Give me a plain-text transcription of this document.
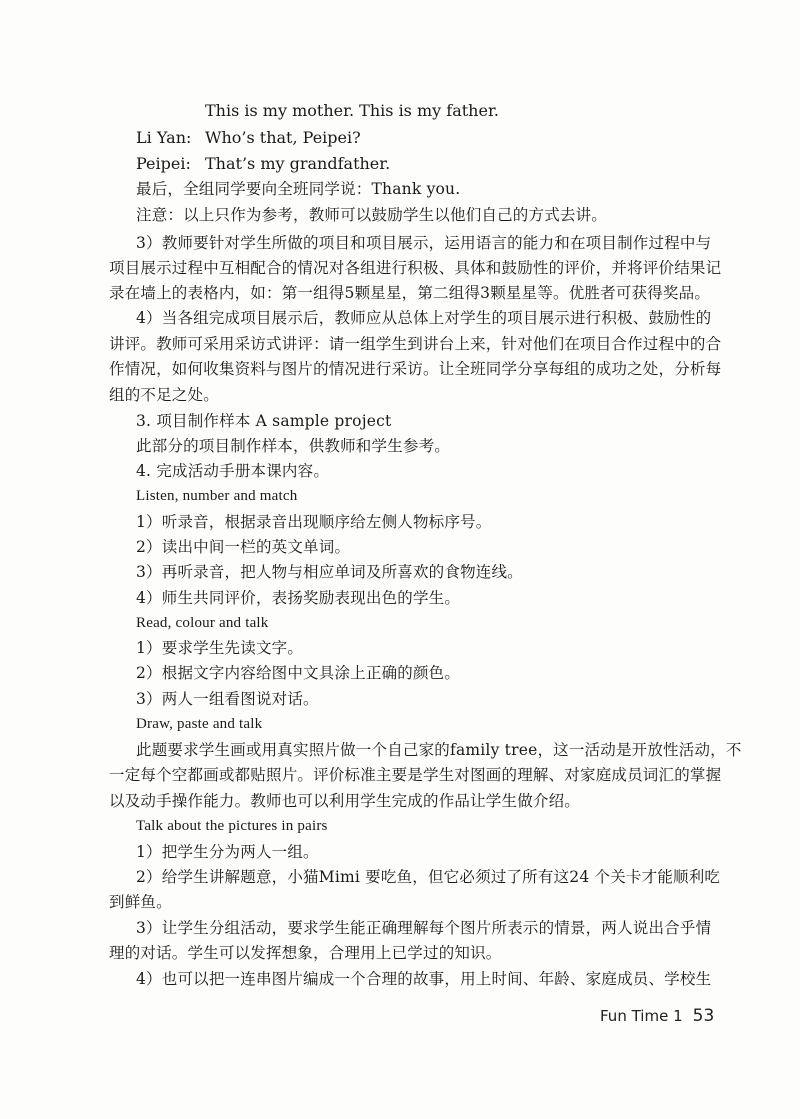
This is my mother. This is my father.
Li Yan: Who’s that, Peipei?
Peipei: That’s my grandfather.
最后，全组同学要向全班同学说：Thank you.
注意：以上只作为参考，教师可以鼓励学生以他们自己的方式去讲。
3）教师要针对学生所做的项目和项目展示，运用语言的能力和在项目制作过程中与
项目展示过程中互相配合的情况对各组进行积极、具体和鼓励性的评价，并将评价结果记
录在墙上的表格内，如：第一组得5颗星星，第二组得3颗星星等。优胜者可获得奖品。
4）当各组完成项目展示后，教师应从总体上对学生的项目展示进行积极、鼓励性的
讲评。教师可采用采访式讲评：请一组学生到讲台上来，针对他们在项目合作过程中的合
作情况，如何收集资料与图片的情况进行采访。让全班同学分享每组的成功之处，分析每
组的不足之处。
3. 项目制作样本 A sample project
此部分的项目制作样本，供教师和学生参考。
4. 完成活动手册本课内容。
Listen, number and match
1）听录音，根据录音出现顺序给左侧人物标序号。
2）读出中间一栏的英文单词。
3）再听录音，把人物与相应单词及所喜欢的食物连线。
4）师生共同评价，表扬奖励表现出色的学生。
Read, colour and talk
1）要求学生先读文字。
2）根据文字内容给图中文具涂上正确的颜色。
3）两人一组看图说对话。
Draw, paste and talk
此题要求学生画或用真实照片做一个自己家的family tree，这一活动是开放性活动，不
一定每个空都画或都贴照片。评价标准主要是学生对图画的理解、对家庭成员词汇的掌握
以及动手操作能力。教师也可以利用学生完成的作品让学生做介绍。
Talk about the pictures in pairs
1）把学生分为两人一组。
2）给学生讲解题意，小猫Mimi 要吃鱼，但它必须过了所有这24 个关卡才能顺利吃
到鲜鱼。
3）让学生分组活动，要求学生能正确理解每个图片所表示的情景，两人说出合乎情
理的对话。学生可以发挥想象，合理用上已学过的知识。
4）也可以把一连串图片编成一个合理的故事，用上时间、年龄、家庭成员、学校生
Fun Time 1 53
